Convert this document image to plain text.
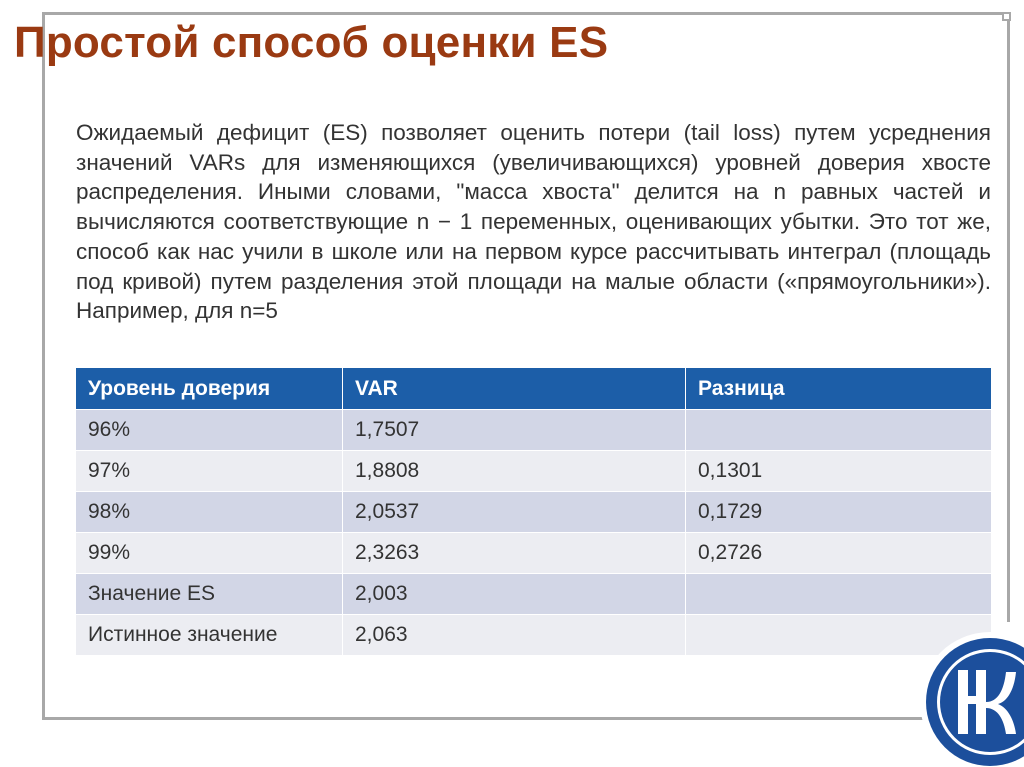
Простой способ оценки ES

Ожидаемый дефицит (ES) позволяет оценить потери (tail loss) путем усреднения значений VARs для изменяющихся (увеличивающихся) уровней доверия хвосте распределения. Иными словами, "масса хвоста" делится на n равных частей и вычисляются соответствующие n − 1 переменных, оценивающих убытки. Это тот же, способ как нас учили в школе или на первом курсе рассчитывать интеграл (площадь под кривой) путем разделения этой площади на малые области («прямоугольники»). Например, для n=5

Уровень доверия	VAR	Разница
96%	1,7507	
97%	1,8808	0,1301
98%	2,0537	0,1729
99%	2,3263	0,2726
Значение ES	2,003	
Истинное значение	2,063	
